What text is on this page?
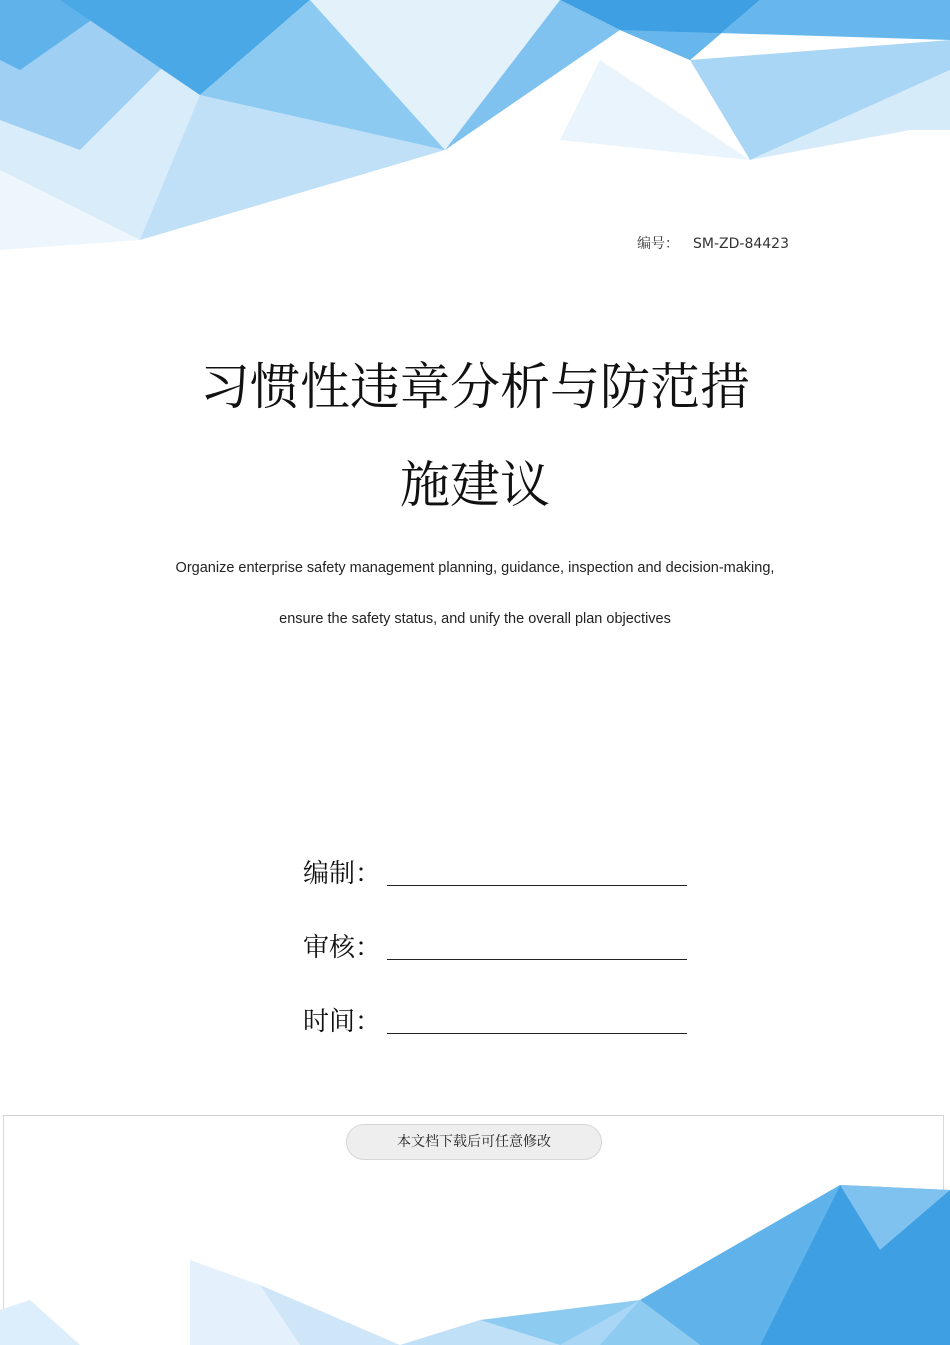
编号： SM-ZD-84423
习惯性违章分析与防范措
施建议
Organize enterprise safety management planning, guidance, inspection and decision-making,
ensure the safety status, and unify the overall plan objectives
编制：
审核：
时间：
本文档下载后可任意修改
